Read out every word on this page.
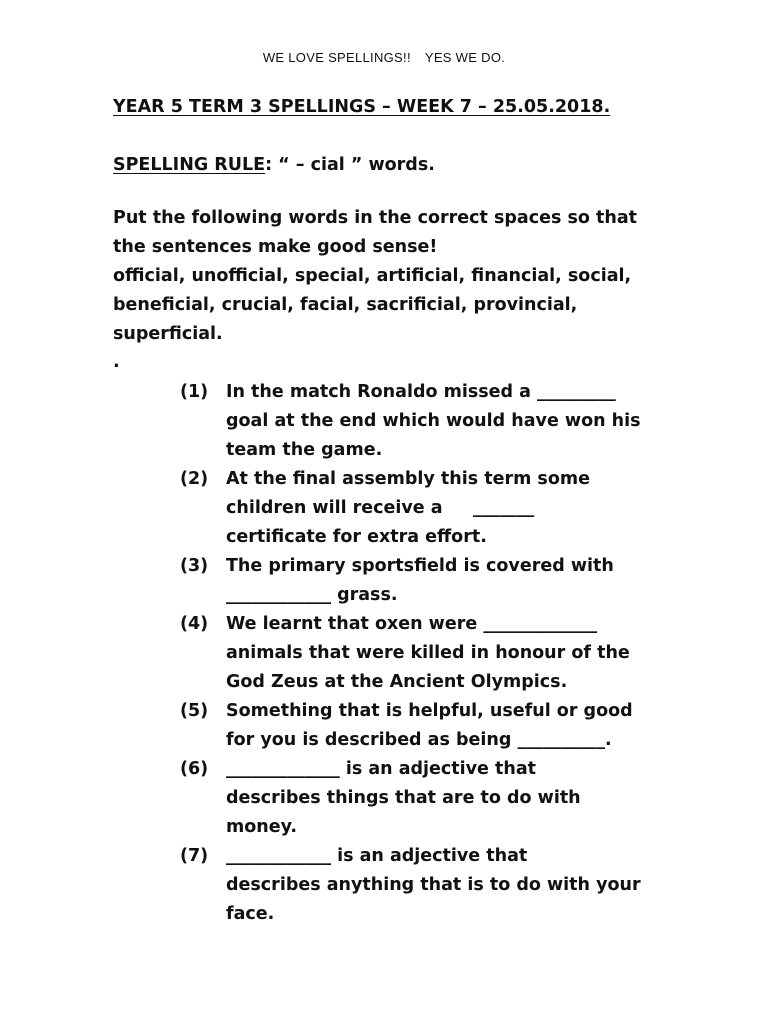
WE LOVE SPELLINGS!! YES WE DO.
YEAR 5 TERM 3 SPELLINGS – WEEK 7 – 25.05.2018.
SPELLING RULE: “ – cial ” words.

Put the following words in the correct spaces so that

the sentences make good sense!

official, unofficial, special, artificial, financial, social,

beneficial, crucial, facial, sacrificial, provincial,

superficial.

.
(1)	In the match Ronaldo missed a _________
goal at the end which would have won his
team the game.
(2)	At the final assembly this term some
children will receive a     _______
certificate for extra effort.
(3)	The primary sportsfield is covered with
____________ grass.
(4)	We learnt that oxen were _____________
animals that were killed in honour of the
God Zeus at the Ancient Olympics.
(5)	Something that is helpful, useful or good
for you is described as being __________.
(6)	_____________ is an adjective that
describes things that are to do with
money.
(7)	____________ is an adjective that
describes anything that is to do with your
face.
